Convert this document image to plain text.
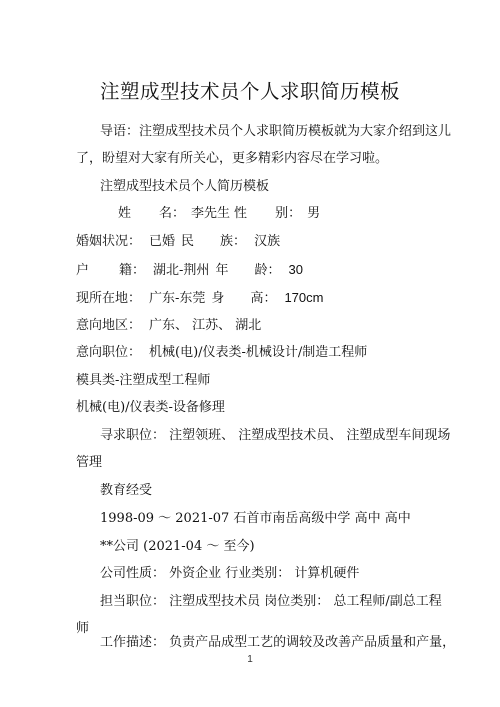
注塑成型技术员个人求职简历模板
导语：注塑成型技术员个人求职简历模板就为大家介绍到这儿
了，盼望对大家有所关心，更多精彩内容尽在学习啦。
注塑成型技术员个人简历模板
姓 名： 李先生 性 别： 男
婚姻状况： 已婚 民 族： 汉族
户 籍： 湖北-荆州 年 龄： 30
现所在地： 广东-东莞 身 高： 170cm
意向地区： 广东、 江苏、 湖北
意向职位： 机械(电)/仪表类-机械设计/制造工程师
模具类-注塑成型工程师
机械(电)/仪表类-设备修理
寻求职位： 注塑领班、 注塑成型技术员、 注塑成型车间现场
管理
教育经受
1998-09 ～ 2021-07 石首市南岳高级中学 高中 高中
**公司 (2021-04 ～ 至今)
公司性质： 外资企业 行业类别： 计算机硬件
担当职位： 注塑成型技术员 岗位类别： 总工程师/副总工程
师
工作描述： 负责产品成型工艺的调较及改善产品质量和产量，
1
